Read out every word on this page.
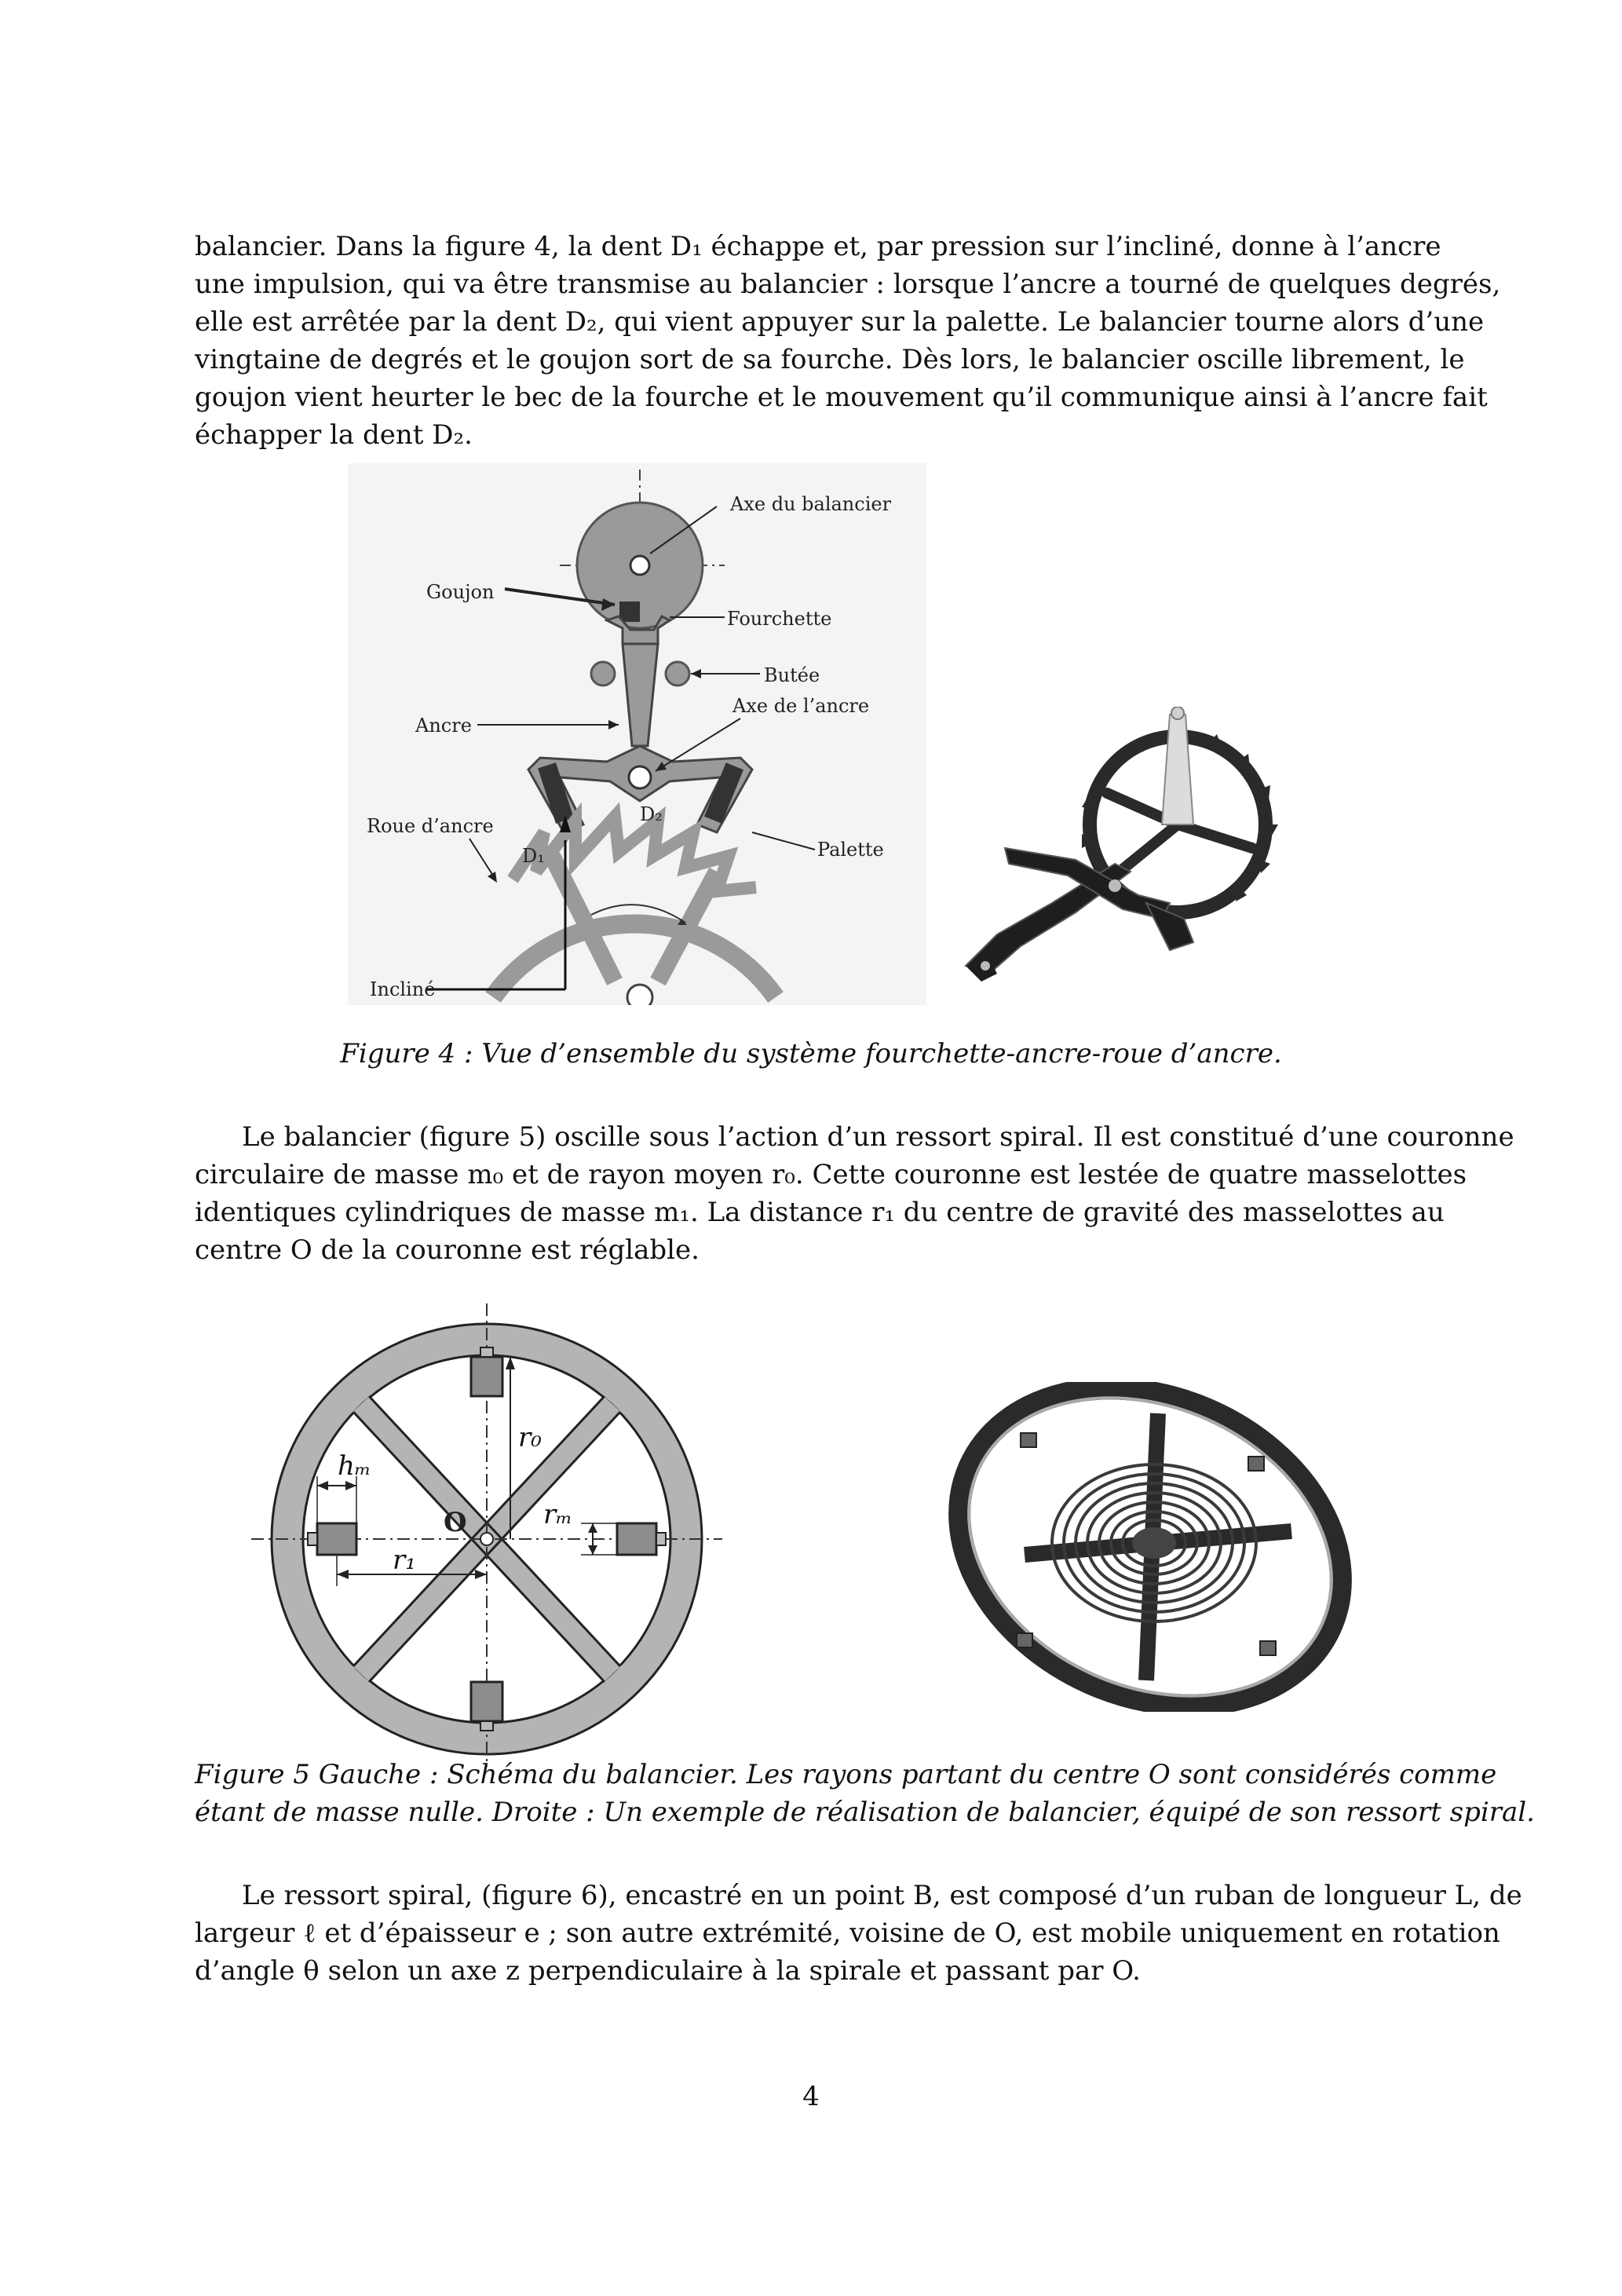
balancier. Dans la figure 4, la dent D₁ échappe et, par pression sur l’incliné, donne à l’ancre
une impulsion, qui va être transmise au balancier : lorsque l’ancre a tourné de quelques degrés,
elle est arrêtée par la dent D₂, qui vient appuyer sur la palette. Le balancier tourne alors d’une
vingtaine de degrés et le goujon sort de sa fourche. Dès lors, le balancier oscille librement, le
goujon vient heurter le bec de la fourche et le mouvement qu’il communique ainsi à l’ancre fait
échapper la dent D₂.

Axe du balancier
Goujon
Fourchette
Butée
Axe de l’ancre
Ancre
D₂
Roue d’ancre
D₁	Palette
Incliné

Figure 4 : Vue d’ensemble du système fourchette-ancre-roue d’ancre.

Le balancier (figure 5) oscille sous l’action d’un ressort spiral. Il est constitué d’une couronne
circulaire de masse m₀ et de rayon moyen r₀. Cette couronne est lestée de quatre masselottes
identiques cylindriques de masse m₁. La distance r₁ du centre de gravité des masselottes au
centre O de la couronne est réglable.

r₀
hₘ
O	rₘ
r₁

Figure 5 Gauche : Schéma du balancier. Les rayons partant du centre O sont considérés comme
étant de masse nulle. Droite : Un exemple de réalisation de balancier, équipé de son ressort spiral.

Le ressort spiral, (figure 6), encastré en un point B, est composé d’un ruban de longueur L, de
largeur ℓ et d’épaisseur e ; son autre extrémité, voisine de O, est mobile uniquement en rotation
d’angle θ selon un axe z perpendiculaire à la spirale et passant par O.

4
